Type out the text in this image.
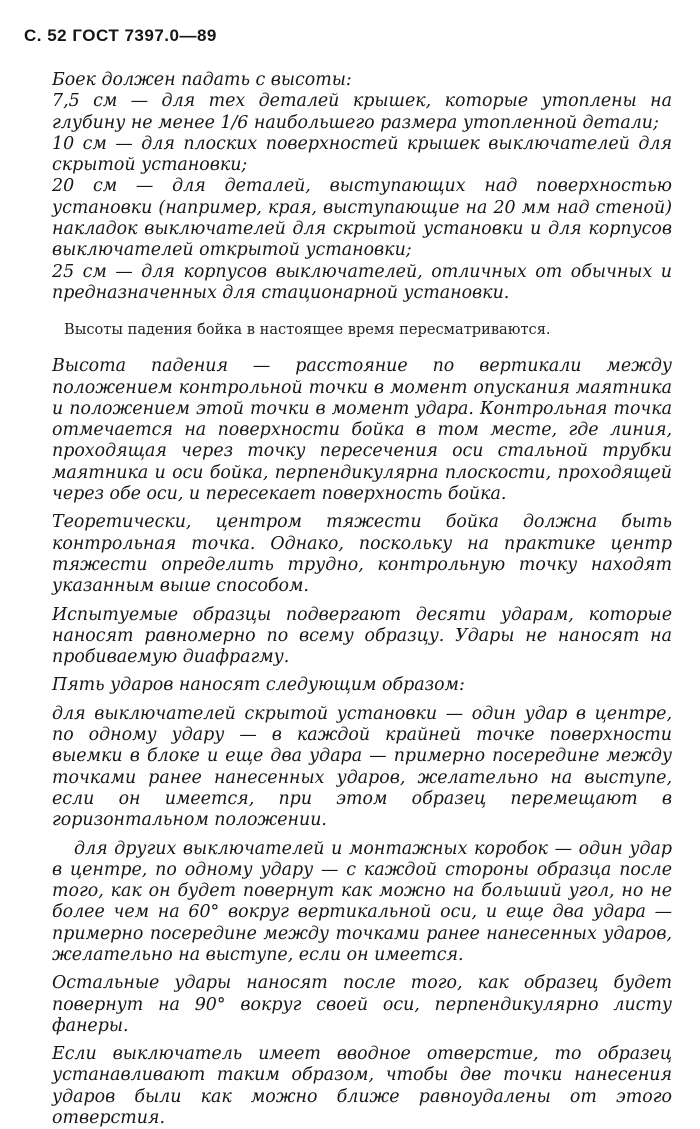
С. 52 ГОСТ 7397.0—89

Боек должен падать с высоты:

7,5 см — для тех деталей крышек, которые утоплены на глубину не менее 1/6 наибольшего размера утопленной детали;

10 см — для плоских поверхностей крышек выключателей для скрытой установки;

20 см — для деталей, выступающих над поверхностью установки (например, края, выступающие на 20 мм над стеной) накладок выключателей для скрытой установки и для корпусов выключателей открытой установки;

25 см — для корпусов выключателей, отличных от обычных и предназначенных для стационарной установки.

Высоты падения бойка в настоящее время пересматриваются.

Высота падения — расстояние по вертикали между положением контрольной точки в момент опускания маятника и положением этой точки в момент удара. Контрольная точка отмечается на поверхности бойка в том месте, где линия, проходящая через точку пересечения оси стальной трубки маятника и оси бойка, перпендикулярна плоскости, проходящей через обе оси, и пересекает поверхность бойка.

Теоретически, центром тяжести бойка должна быть контрольная точка. Однако, поскольку на практике центр тяжести определить трудно, контрольную точку находят указанным выше способом.

Испытуемые образцы подвергают десяти ударам, которые наносят равномерно по всему образцу. Удары не наносят на пробиваемую диафрагму.

Пять ударов наносят следующим образом:

для выключателей скрытой установки — один удар в центре, по одному удару — в каждой крайней точке поверхности выемки в блоке и еще два удара — примерно посередине между точками ранее нанесенных ударов, желательно на выступе, если он имеется, при этом образец перемещают в горизонтальном положении.

для других выключателей и монтажных коробок — один удар в центре, по одному удару — с каждой стороны образца после того, как он будет повернут как можно на больший угол, но не более чем на 60° вокруг вертикальной оси, и еще два удара — примерно посередине между точками ранее нанесенных ударов, желательно на выступе, если он имеется.

Остальные удары наносят после того, как образец будет повернут на 90° вокруг своей оси, перпендикулярно листу фанеры.

Если выключатель имеет вводное отверстие, то образец устанавливают таким образом, чтобы две точки нанесения ударов были как можно ближе равноудалены от этого отверстия.
